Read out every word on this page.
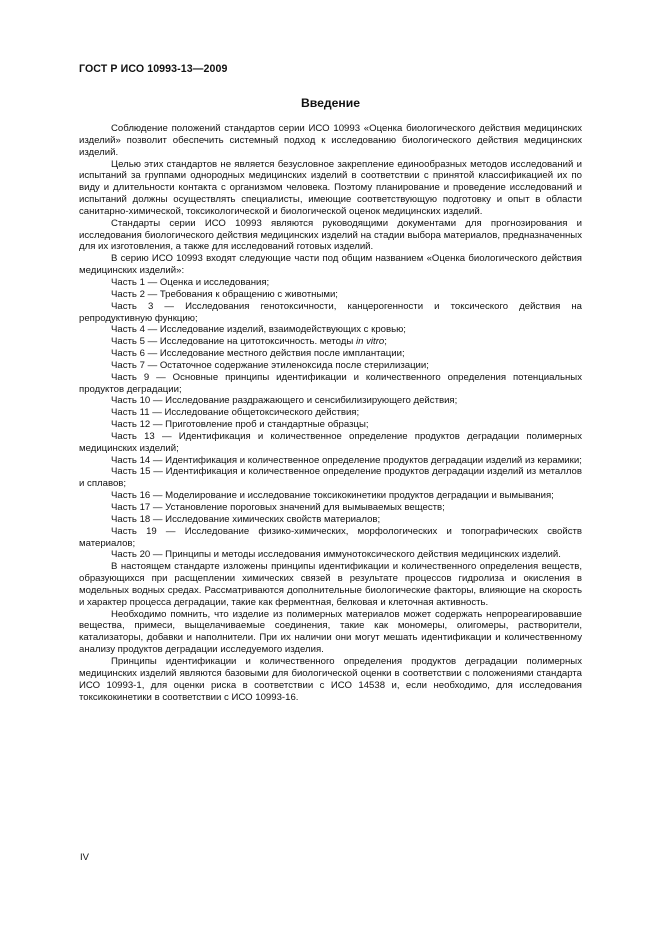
ГОСТ Р ИСО 10993-13—2009
Введение

Соблюдение положений стандартов серии ИСО 10993 «Оценка биологического действия медицинских изделий» позволит обеспечить системный подход к исследованию биологического действия медицинских изделий.

Целью этих стандартов не является безусловное закрепление единообразных методов исследований и испытаний за группами однородных медицинских изделий в соответствии с принятой классификацией их по виду и длительности контакта с организмом человека. Поэтому планирование и проведение исследований и испытаний должны осуществлять специалисты, имеющие соответствующую подготовку и опыт в области санитарно-химической, токсикологической и биологической оценок медицинских изделий.

Стандарты серии ИСО 10993 являются руководящими документами для прогнозирования и исследования биологического действия медицинских изделий на стадии выбора материалов, предназначенных для их изготовления, а также для исследований готовых изделий.

В серию ИСО 10993 входят следующие части под общим названием «Оценка биологического действия медицинских изделий»:

Часть 1 — Оценка и исследования;

Часть 2 — Требования к обращению с животными;

Часть 3 — Исследования генотоксичности, канцерогенности и токсического действия на репродуктивную функцию;

Часть 4 — Исследование изделий, взаимодействующих с кровью;

Часть 5 — Исследование на цитотоксичность. методы in vitro;

Часть 6 — Исследование местного действия после имплантации;

Часть 7 — Остаточное содержание этиленоксида после стерилизации;

Часть 9 — Основные принципы идентификации и количественного определения потенциальных продуктов деградации;

Часть 10 — Исследование раздражающего и сенсибилизирующего действия;

Часть 11 — Исследование общетоксического действия;

Часть 12 — Приготовление проб и стандартные образцы;

Часть 13 — Идентификация и количественное определение продуктов деградации полимерных медицинских изделий;

Часть 14 — Идентификация и количественное определение продуктов деградации изделий из керамики;

Часть 15 — Идентификация и количественное определение продуктов деградации изделий из металлов и сплавов;

Часть 16 — Моделирование и исследование токсикокинетики продуктов деградации и вымывания;

Часть 17 — Установление пороговых значений для вымываемых веществ;

Часть 18 — Исследование химических свойств материалов;

Часть 19 — Исследование физико-химических, морфологических и топографических свойств материалов;

Часть 20 — Принципы и методы исследования иммунотоксического действия медицинских изделий.

В настоящем стандарте изложены принципы идентификации и количественного определения веществ, образующихся при расщеплении химических связей в результате процессов гидролиза и окисления в модельных водных средах. Рассматриваются дополнительные биологические факторы, влияющие на скорость и характер процесса деградации, такие как ферментная, белковая и клеточная активность.

Необходимо помнить, что изделие из полимерных материалов может содержать непрореагировавшие вещества, примеси, выщелачиваемые соединения, такие как мономеры, олигомеры, растворители, катализаторы, добавки и наполнители. При их наличии они могут мешать идентификации и количественному анализу продуктов деградации исследуемого изделия.

Принципы идентификации и количественного определения продуктов деградации полимерных медицинских изделий являются базовыми для биологической оценки в соответствии с положениями стандарта ИСО 10993-1, для оценки риска в соответствии с ИСО 14538 и, если необходимо, для исследования токсикокинетики в соответствии с ИСО 10993-16.

IV
